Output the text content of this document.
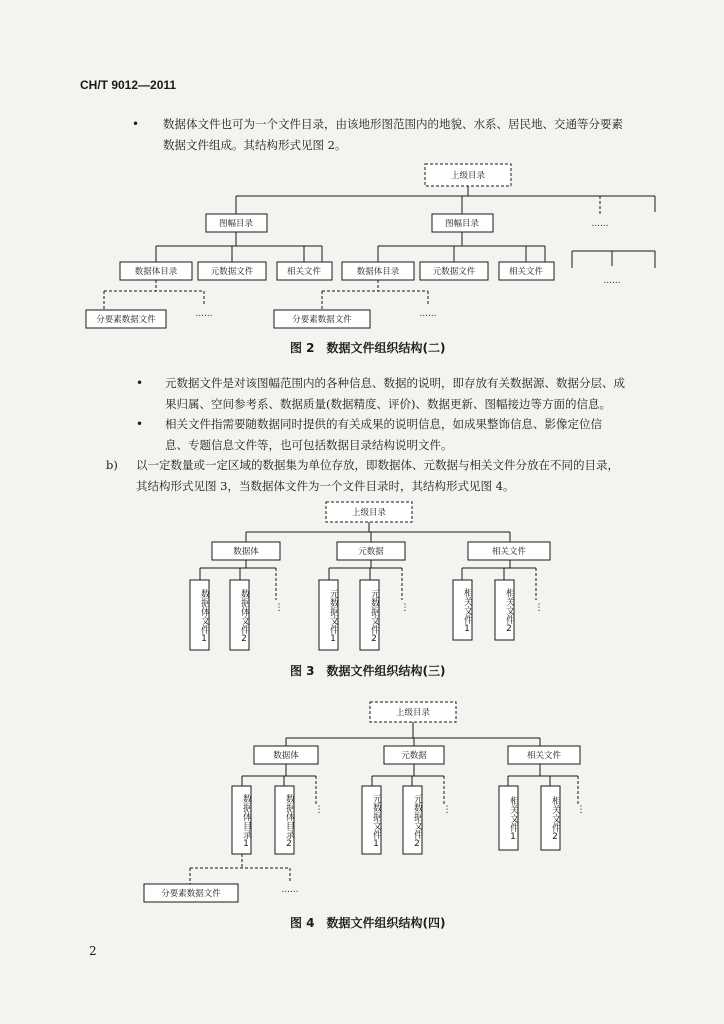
CH/T 9012—2011
• 数据体文件也可为一个文件目录，由该地形图范围内的地貌、水系、居民地、交通等分要素
数据文件组成。其结构形式见图 2。
上级目录
……
图幅目录	图幅目录
……
数据体目录	元数据文件	相关文件	数据体目录	元数据文件	相关文件
……
分要素数据文件
……
分要素数据文件
图 2　数据文件组织结构(二)
• 元数据文件是对该图幅范围内的各种信息、数据的说明，即存放有关数据源、数据分层、成
果归属、空间参考系、数据质量(数据精度、评价)、数据更新、图幅接边等方面的信息。
• 相关文件指需要随数据同时提供的有关成果的说明信息，如成果整饰信息、影像定位信
息、专题信息文件等，也可包括数据目录结构说明文件。
b) 以一定数量或一定区域的数据集为单位存放，即数据体、元数据与相关文件分放在不同的目录，
其结构形式见图 3，当数据体文件为一个文件目录时，其结构形式见图 4。
上级目录
数据体	元数据	相关文件
⋮	⋮	⋮
数据体文件1	数据体文件2	元数据文件1	元数据文件2	相关文件1	相关文件2
图 3　数据文件组织结构(三)
上级目录
数据体	元数据	相关文件
⋮	⋮	⋮
……
分要素数据文件
数据体目录1	数据体目录2	元数据文件1	元数据文件2	相关文件1	相关文件2
图 4　数据文件组织结构(四)
2
